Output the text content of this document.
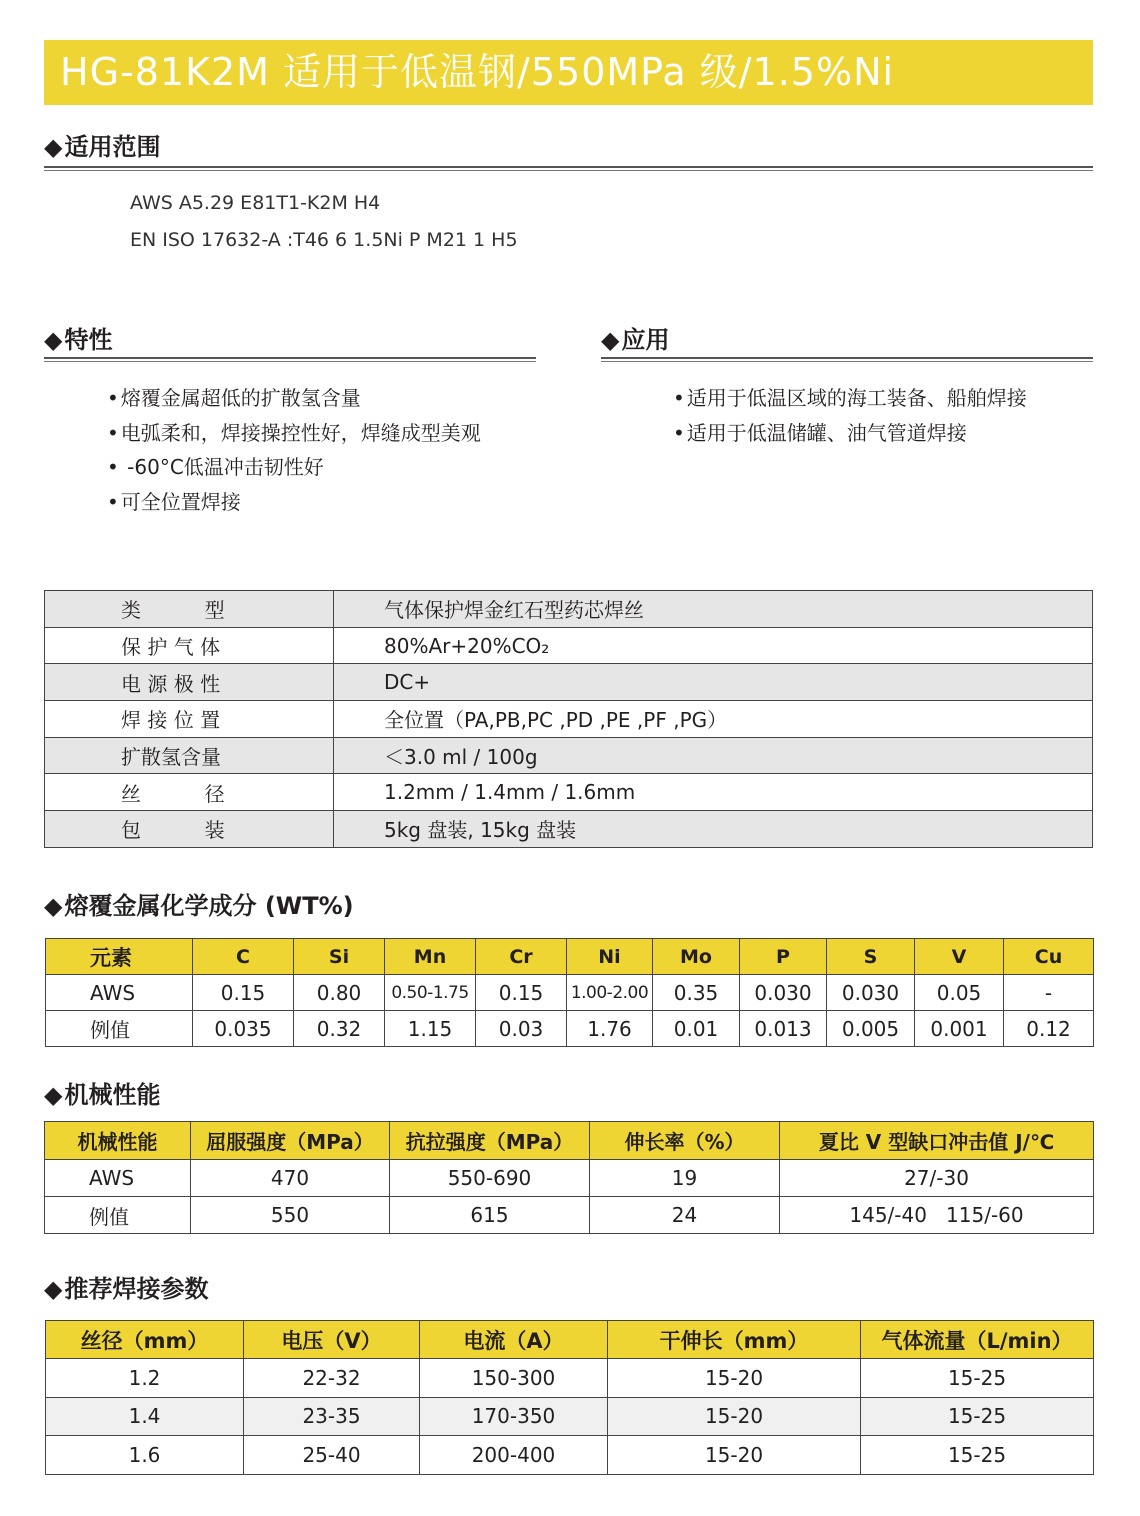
HG-81K2M 适用于低温钢/550MPa 级/1.5%Ni
◆适用范围
AWS A5.29 E81T1-K2M H4
EN ISO 17632-A :T46 6 1.5Ni P M21 1 H5
◆特性
• 熔覆金属超低的扩散氢含量
• 电弧柔和，焊接操控性好，焊缝成型美观
• -60°C低温冲击韧性好
• 可全位置焊接
◆应用
• 适用于低温区域的海工装备、船舶焊接
• 适用于低温储罐、油气管道焊接
类          型	气体保护焊金红石型药芯焊丝
保 护 气 体	80%Ar+20%CO₂
电 源 极 性	DC+
焊 接 位 置	全位置（PA,PB,PC ,PD ,PE ,PF ,PG）
扩散氢含量	＜3.0 ml / 100g
丝          径	1.2mm / 1.4mm / 1.6mm
包          装	5kg 盘装, 15kg 盘装
◆熔覆金属化学成分 (WT%)
元素	C	Si	Mn	Cr	Ni	Mo	P	S	V	Cu
AWS	0.15	0.80	0.50-1.75	0.15	1.00-2.00	0.35	0.030	0.030	0.05	-
例值	0.035	0.32	1.15	0.03	1.76	0.01	0.013	0.005	0.001	0.12
◆机械性能
机械性能	屈服强度（MPa）	抗拉强度（MPa）	伸长率（%）	夏比 V 型缺口冲击值 J/℃
AWS	470	550-690	19	27/-30
例值	550	615	24	145/-40   115/-60
◆推荐焊接参数
丝径（mm）	电压（V）	电流（A）	干伸长（mm）	气体流量（L/min）
1.2	22-32	150-300	15-20	15-25
1.4	23-35	170-350	15-20	15-25
1.6	25-40	200-400	15-20	15-25
